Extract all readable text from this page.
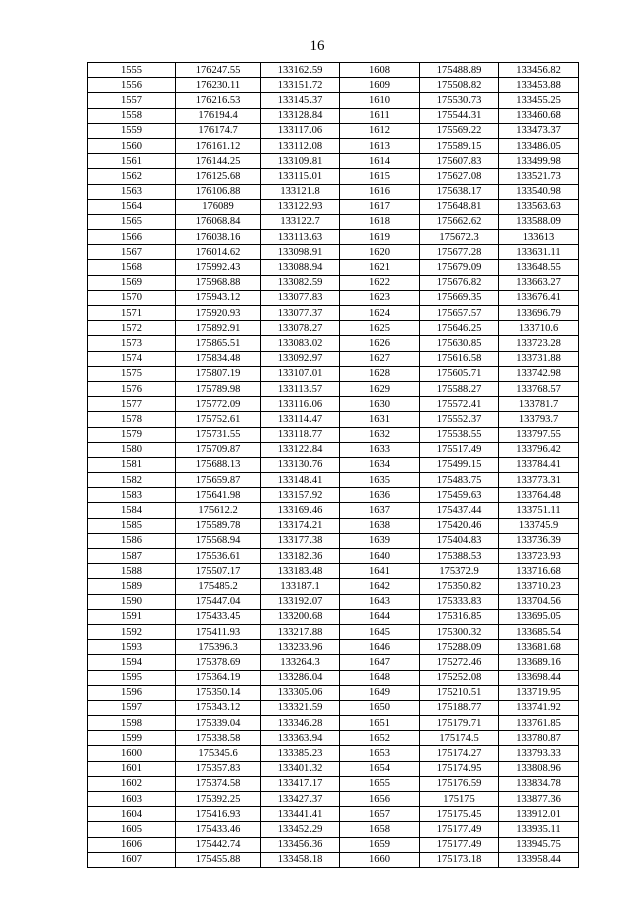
16
1555	176247.55	133162.59	1608	175488.89	133456.82
1556	176230.11	133151.72	1609	175508.82	133453.88
1557	176216.53	133145.37	1610	175530.73	133455.25
1558	176194.4	133128.84	1611	175544.31	133460.68
1559	176174.7	133117.06	1612	175569.22	133473.37
1560	176161.12	133112.08	1613	175589.15	133486.05
1561	176144.25	133109.81	1614	175607.83	133499.98
1562	176125.68	133115.01	1615	175627.08	133521.73
1563	176106.88	133121.8	1616	175638.17	133540.98
1564	176089	133122.93	1617	175648.81	133563.63
1565	176068.84	133122.7	1618	175662.62	133588.09
1566	176038.16	133113.63	1619	175672.3	133613
1567	176014.62	133098.91	1620	175677.28	133631.11
1568	175992.43	133088.94	1621	175679.09	133648.55
1569	175968.88	133082.59	1622	175676.82	133663.27
1570	175943.12	133077.83	1623	175669.35	133676.41
1571	175920.93	133077.37	1624	175657.57	133696.79
1572	175892.91	133078.27	1625	175646.25	133710.6
1573	175865.51	133083.02	1626	175630.85	133723.28
1574	175834.48	133092.97	1627	175616.58	133731.88
1575	175807.19	133107.01	1628	175605.71	133742.98
1576	175789.98	133113.57	1629	175588.27	133768.57
1577	175772.09	133116.06	1630	175572.41	133781.7
1578	175752.61	133114.47	1631	175552.37	133793.7
1579	175731.55	133118.77	1632	175538.55	133797.55
1580	175709.87	133122.84	1633	175517.49	133796.42
1581	175688.13	133130.76	1634	175499.15	133784.41
1582	175659.87	133148.41	1635	175483.75	133773.31
1583	175641.98	133157.92	1636	175459.63	133764.48
1584	175612.2	133169.46	1637	175437.44	133751.11
1585	175589.78	133174.21	1638	175420.46	133745.9
1586	175568.94	133177.38	1639	175404.83	133736.39
1587	175536.61	133182.36	1640	175388.53	133723.93
1588	175507.17	133183.48	1641	175372.9	133716.68
1589	175485.2	133187.1	1642	175350.82	133710.23
1590	175447.04	133192.07	1643	175333.83	133704.56
1591	175433.45	133200.68	1644	175316.85	133695.05
1592	175411.93	133217.88	1645	175300.32	133685.54
1593	175396.3	133233.96	1646	175288.09	133681.68
1594	175378.69	133264.3	1647	175272.46	133689.16
1595	175364.19	133286.04	1648	175252.08	133698.44
1596	175350.14	133305.06	1649	175210.51	133719.95
1597	175343.12	133321.59	1650	175188.77	133741.92
1598	175339.04	133346.28	1651	175179.71	133761.85
1599	175338.58	133363.94	1652	175174.5	133780.87
1600	175345.6	133385.23	1653	175174.27	133793.33
1601	175357.83	133401.32	1654	175174.95	133808.96
1602	175374.58	133417.17	1655	175176.59	133834.78
1603	175392.25	133427.37	1656	175175	133877.36
1604	175416.93	133441.41	1657	175175.45	133912.01
1605	175433.46	133452.29	1658	175177.49	133935.11
1606	175442.74	133456.36	1659	175177.49	133945.75
1607	175455.88	133458.18	1660	175173.18	133958.44
